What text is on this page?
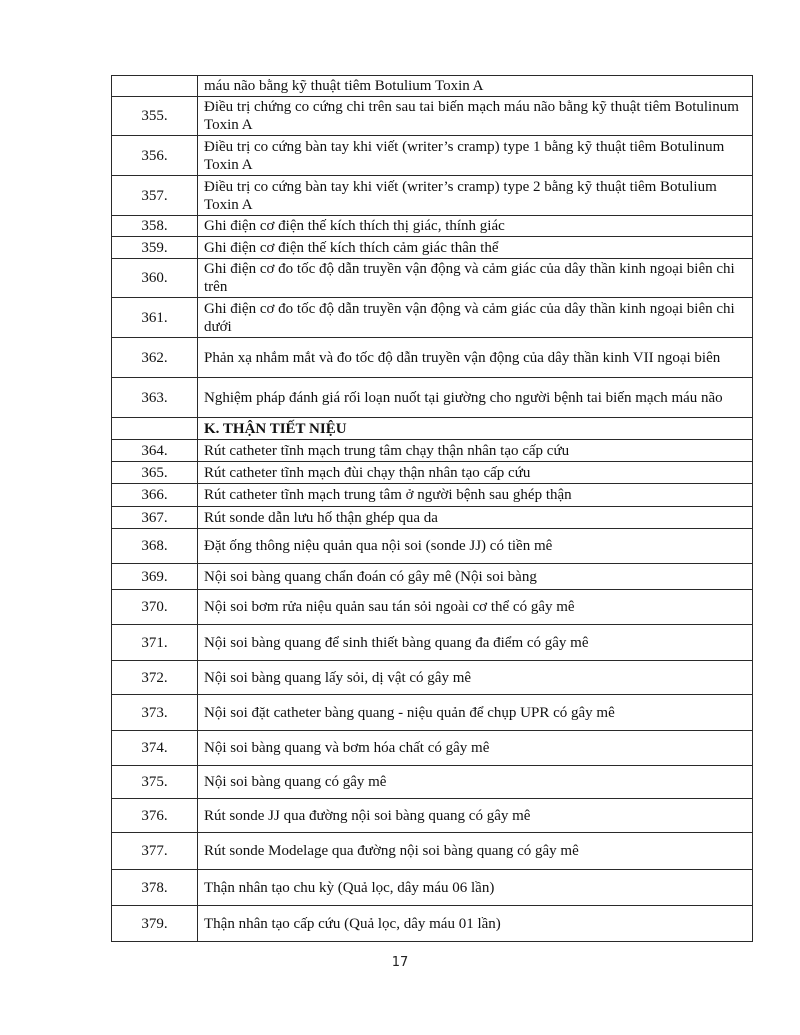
	máu não bằng kỹ thuật tiêm Botulium Toxin A
355.	Điều trị chứng co cứng chi trên sau tai biến mạch máu não bằng kỹ thuật tiêm Botulinum Toxin A
356.	Điều trị co cứng bàn tay khi viết (writer’s cramp) type 1 bằng kỹ thuật tiêm Botulinum Toxin A
357.	Điều trị co cứng bàn tay khi viết (writer’s cramp) type 2 bằng kỹ thuật tiêm Botulium Toxin A
358.	Ghi điện cơ điện thế kích thích thị giác, thính giác
359.	Ghi điện cơ điện thế kích thích cảm giác thân thể
360.	Ghi điện cơ đo tốc độ dẫn truyền vận động và cảm giác của dây thần kinh ngoại biên chi trên
361.	Ghi điện cơ đo tốc độ dẫn truyền vận động và cảm giác của dây thần kinh ngoại biên chi dưới
362.	Phản xạ nhắm mắt và đo tốc độ dẫn truyền vận động của dây thần kinh VII ngoại biên
363.	Nghiệm pháp đánh giá rối loạn nuốt tại giường cho người bệnh tai biến mạch máu não
	K. THẬN TIẾT NIỆU
364.	Rút catheter tĩnh mạch trung tâm chạy thận nhân tạo cấp cứu
365.	Rút catheter tĩnh mạch đùi chạy thận nhân tạo cấp cứu
366.	Rút catheter tĩnh mạch trung tâm ở người bệnh sau ghép thận
367.	Rút sonde dẫn lưu hố thận ghép qua da
368.	Đặt ống thông niệu quản qua nội soi (sonde JJ) có tiền mê
369.	Nội soi bàng quang chẩn đoán có gây mê (Nội soi bàng
370.	Nội soi bơm rửa niệu quản sau tán sỏi ngoài cơ thể có gây mê
371.	Nội soi bàng quang để sinh thiết bàng quang đa điểm có gây mê
372.	Nội soi bàng quang lấy sỏi, dị vật có gây mê
373.	Nội soi đặt catheter bàng quang - niệu quản để chụp UPR có gây mê
374.	Nội soi bàng quang và bơm hóa chất có gây mê
375.	Nội soi bàng quang có gây mê
376.	Rút sonde JJ qua đường nội soi bàng quang có gây mê
377.	Rút sonde Modelage qua đường nội soi bàng quang có gây mê
378.	Thận nhân tạo chu kỳ (Quả lọc, dây máu 06 lần)
379.	Thận nhân tạo cấp cứu (Quả lọc, dây máu 01 lần)
17
